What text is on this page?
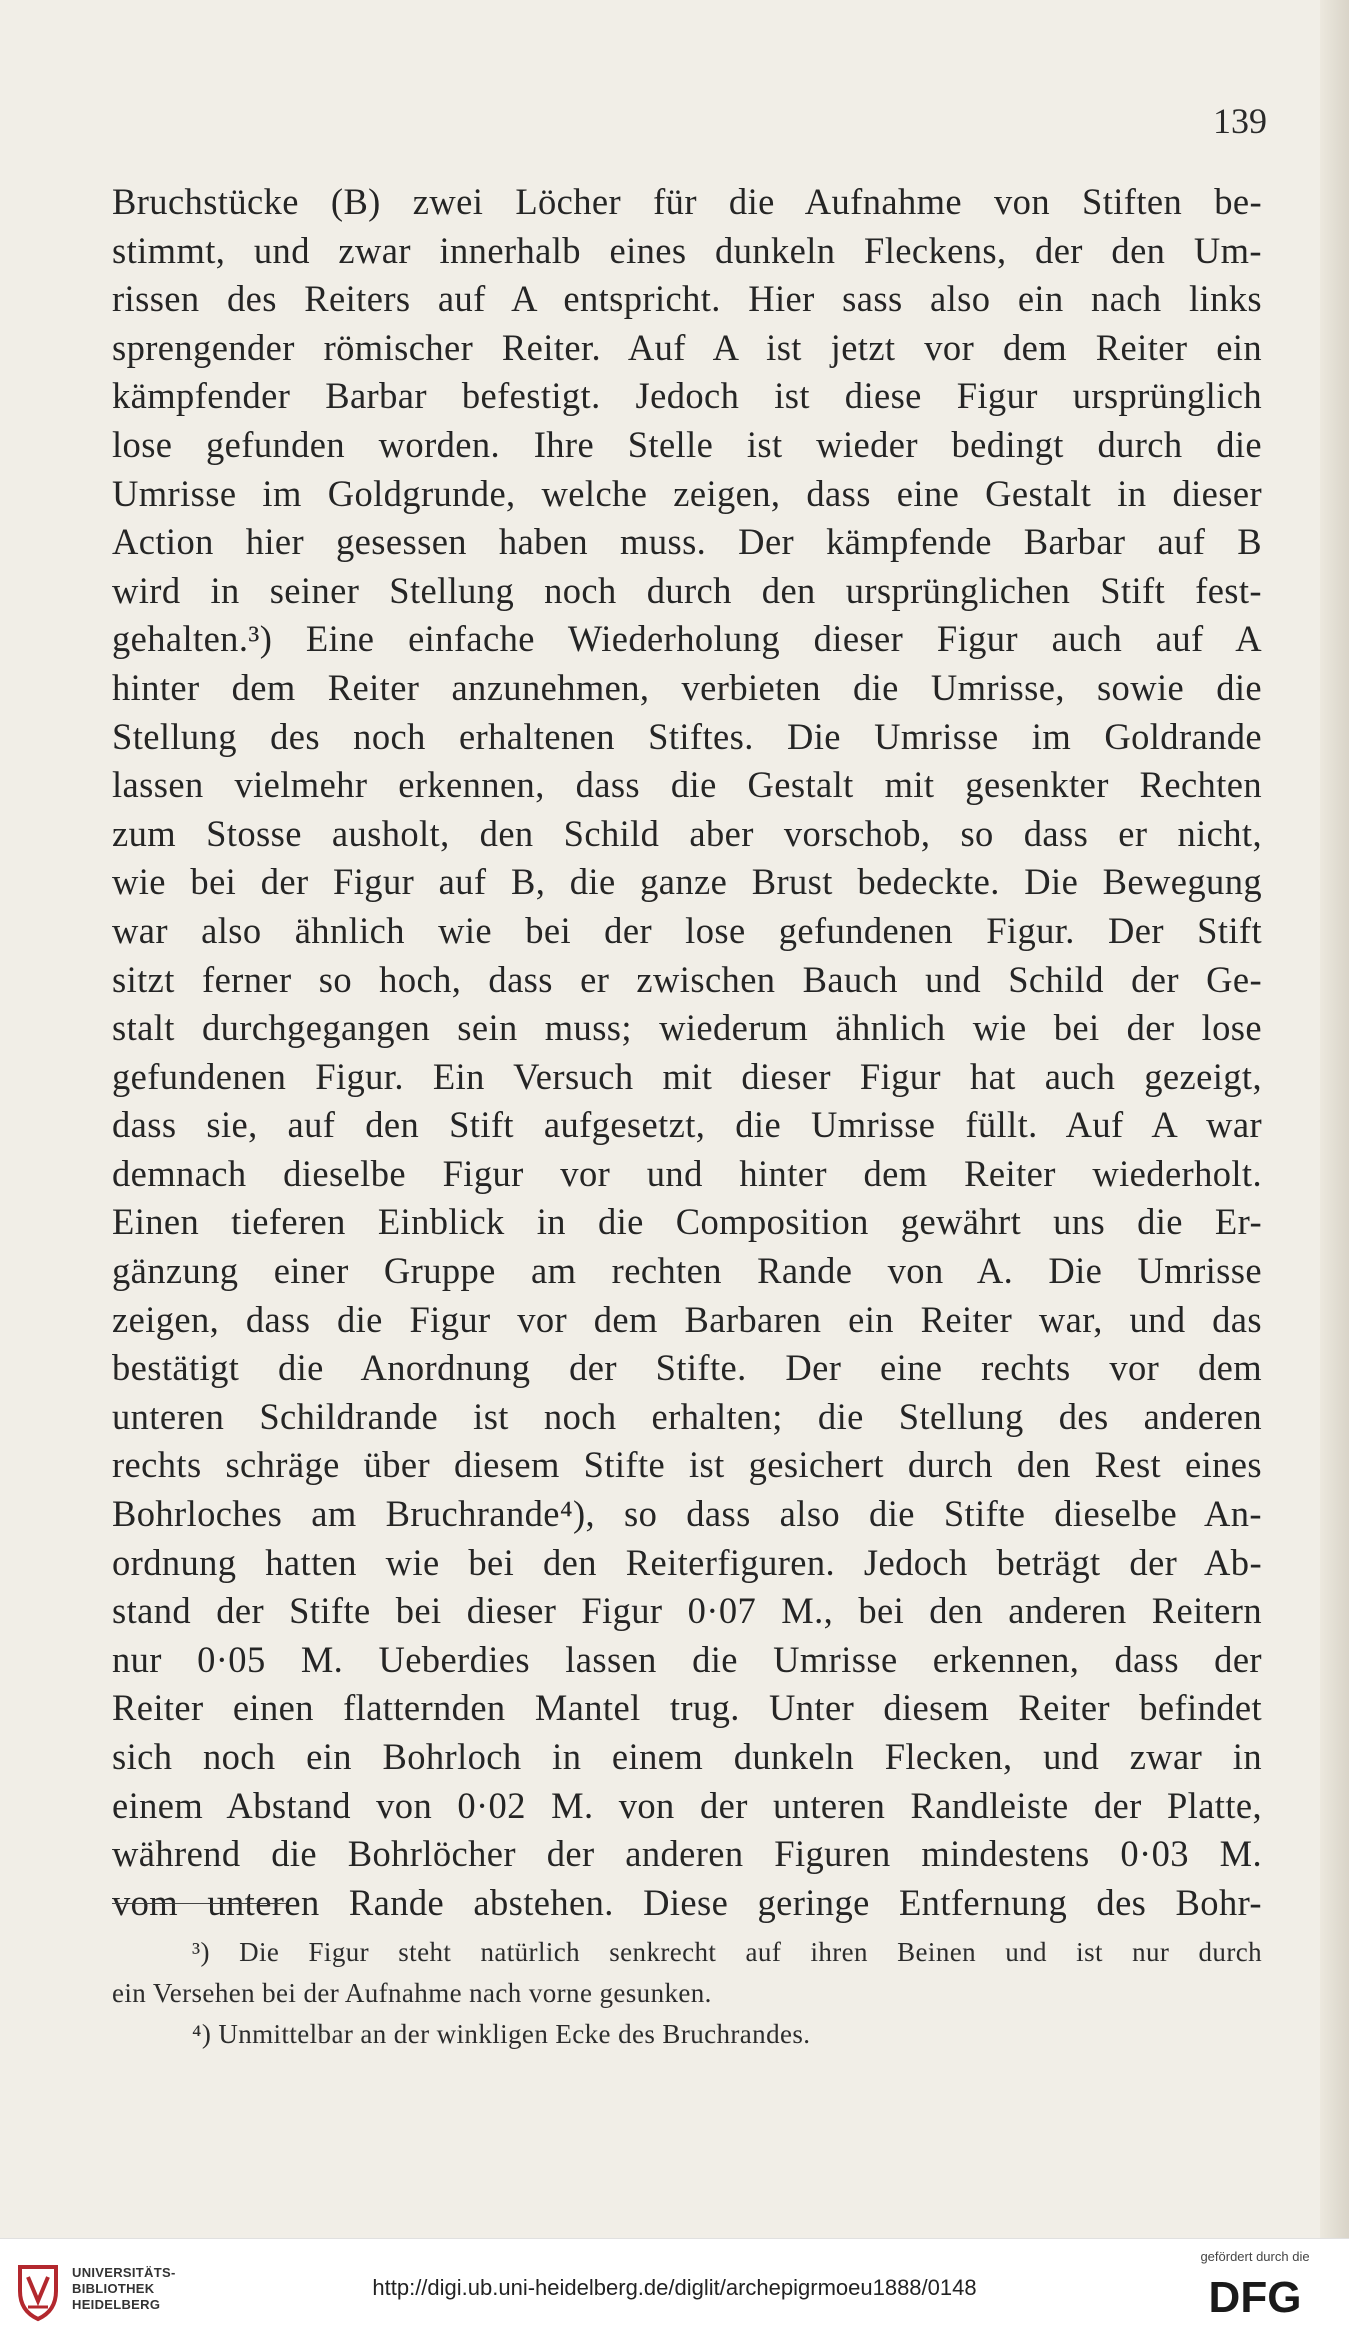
139
Bruchstücke (B) zwei Löcher für die Aufnahme von Stiften be-
stimmt, und zwar innerhalb eines dunkeln Fleckens, der den Um-
rissen des Reiters auf A entspricht. Hier sass also ein nach links
sprengender römischer Reiter. Auf A ist jetzt vor dem Reiter ein
kämpfender Barbar befestigt. Jedoch ist diese Figur ursprünglich
lose gefunden worden. Ihre Stelle ist wieder bedingt durch die
Umrisse im Goldgrunde, welche zeigen, dass eine Gestalt in dieser
Action hier gesessen haben muss. Der kämpfende Barbar auf B
wird in seiner Stellung noch durch den ursprünglichen Stift fest-
gehalten.³) Eine einfache Wiederholung dieser Figur auch auf A
hinter dem Reiter anzunehmen, verbieten die Umrisse, sowie die
Stellung des noch erhaltenen Stiftes. Die Umrisse im Goldrande
lassen vielmehr erkennen, dass die Gestalt mit gesenkter Rechten
zum Stosse ausholt, den Schild aber vorschob, so dass er nicht,
wie bei der Figur auf B, die ganze Brust bedeckte. Die Bewegung
war also ähnlich wie bei der lose gefundenen Figur. Der Stift
sitzt ferner so hoch, dass er zwischen Bauch und Schild der Ge-
stalt durchgegangen sein muss; wiederum ähnlich wie bei der lose
gefundenen Figur. Ein Versuch mit dieser Figur hat auch gezeigt,
dass sie, auf den Stift aufgesetzt, die Umrisse füllt. Auf A war
demnach dieselbe Figur vor und hinter dem Reiter wiederholt.
Einen tieferen Einblick in die Composition gewährt uns die Er-
gänzung einer Gruppe am rechten Rande von A. Die Umrisse
zeigen, dass die Figur vor dem Barbaren ein Reiter war, und das
bestätigt die Anordnung der Stifte. Der eine rechts vor dem
unteren Schildrande ist noch erhalten; die Stellung des anderen
rechts schräge über diesem Stifte ist gesichert durch den Rest eines
Bohrloches am Bruchrande⁴), so dass also die Stifte dieselbe An-
ordnung hatten wie bei den Reiterfiguren. Jedoch beträgt der Ab-
stand der Stifte bei dieser Figur 0·07 M., bei den anderen Reitern
nur 0·05 M. Ueberdies lassen die Umrisse erkennen, dass der
Reiter einen flatternden Mantel trug. Unter diesem Reiter befindet
sich noch ein Bohrloch in einem dunkeln Flecken, und zwar in
einem Abstand von 0·02 M. von der unteren Randleiste der Platte,
während die Bohrlöcher der anderen Figuren mindestens 0·03 M.
vom unteren Rande abstehen. Diese geringe Entfernung des Bohr-
³) Die Figur steht natürlich senkrecht auf ihren Beinen und ist nur durch
ein Versehen bei der Aufnahme nach vorne gesunken.
⁴) Unmittelbar an der winkligen Ecke des Bruchrandes.
UNIVERSITÄTS-
BIBLIOTHEK
HEIDELBERG
http://digi.ub.uni-heidelberg.de/diglit/archepigrmoeu1888/0148
gefördert durch die
DFG
